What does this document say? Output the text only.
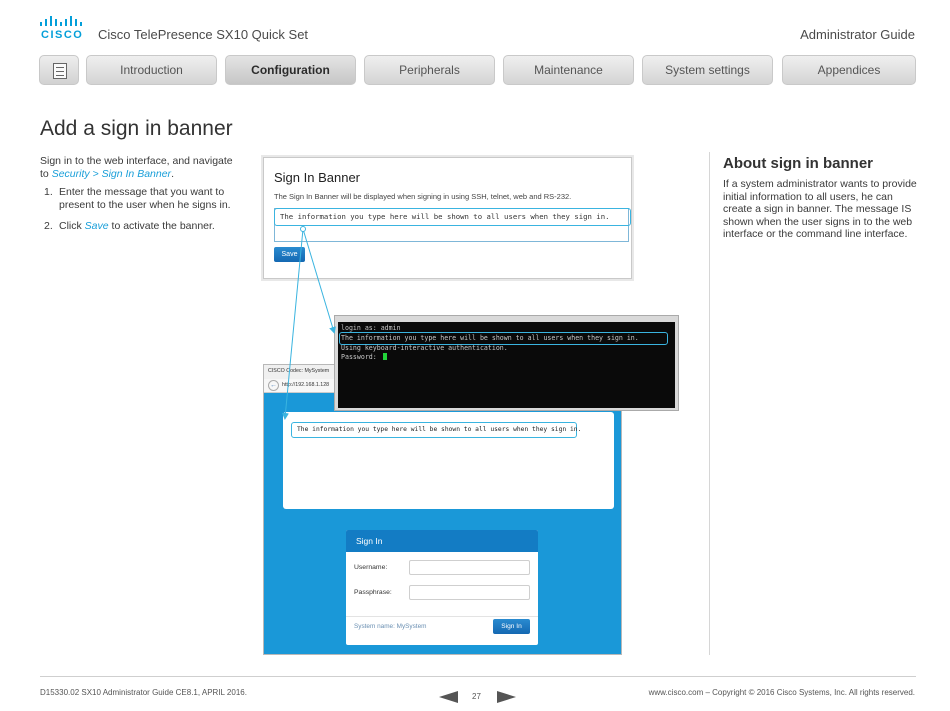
CISCO Cisco TelePresence SX10 Quick Set	Administrator Guide
Introduction	Configuration	Peripherals	Maintenance	System settings	Appendices
Add a sign in banner

Sign in to the web interface, and navigate to Security > Sign In Banner.

1. Enter the message that you want to present to the user when he signs in.
2. Click Save to activate the banner.
About sign in banner

If a system administrator wants to provide initial information to all users, he can create a sign in banner. The message IS shown when the user signs in to the web interface or the command line interface.

Sign In Banner
The Sign In Banner will be displayed when signing in using SSH, telnet, web and RS-232.
The information you type here will be shown to all users when they sign in.
Save
CISCO Codec: MySystem
← http://192.168.1.128
The information you type here will be shown to all users when they sign in.
Sign In
Username:
Passphrase:
System name: MySystem	Sign In
login as: admin
The information you type here will be shown to all users when they sign in.
Using keyboard-interactive authentication.
Password:
D15330.02 SX10 Administrator Guide CE8.1, APRIL 2016.	27	www.cisco.com – Copyright © 2016 Cisco Systems, Inc. All rights reserved.
